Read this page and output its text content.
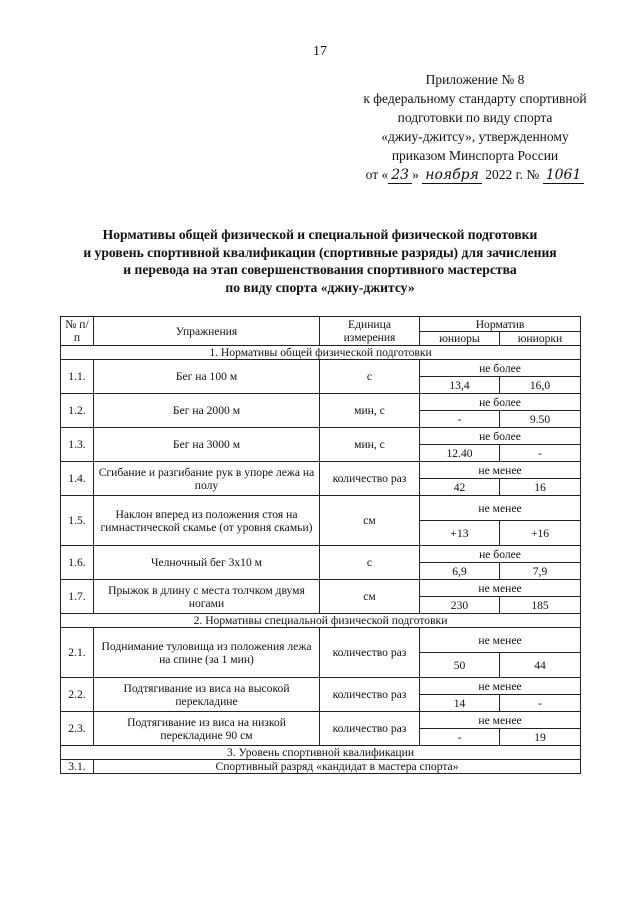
17
Приложение № 8
к федеральному стандарту спортивной
подготовки по виду спорта
«джиу-джитсу», утвержденному
приказом Минспорта России
от « 23 » ноября 2022 г. № 1061
Нормативы общей физической и специальной физической подготовки
и уровень спортивной квалификации (спортивные разряды) для зачисления
и перевода на этап совершенствования спортивного мастерства
по виду спорта «джиу-джитсу»
№ п/п	Упражнения	Единица измерения	Норматив	
			юниоры	юниорки
1. Нормативы общей физической подготовки				
1.1.	Бег на 100 м	с	не более	
			13,4	16,0
1.2.	Бег на 2000 м	мин, с	не более	
			-	9.50
1.3.	Бег на 3000 м	мин, с	не более	
			12.40	-
1.4.	Сгибание и разгибание рук в упоре лежа на полу	количество раз	не менее	
			42	16
1.5.	Наклон вперед из положения стоя на гимнастической скамье (от уровня скамьи)	см	не менее	
			+13	+16
1.6.	Челночный бег 3х10 м	с	не более	
			6,9	7,9
1.7.	Прыжок в длину с места толчком двумя ногами	см	не менее	
			230	185
2. Нормативы специальной физической подготовки				
2.1.	Поднимание туловища из положения лежа на спине (за 1 мин)	количество раз	не менее	
			50	44
2.2.	Подтягивание из виса на высокой перекладине	количество раз	не менее	
			14	-
2.3.	Подтягивание из виса на низкой перекладине 90 см	количество раз	не менее	
			-	19
3. Уровень спортивной квалификации				
3.1.	Спортивный разряд «кандидат в мастера спорта»			
